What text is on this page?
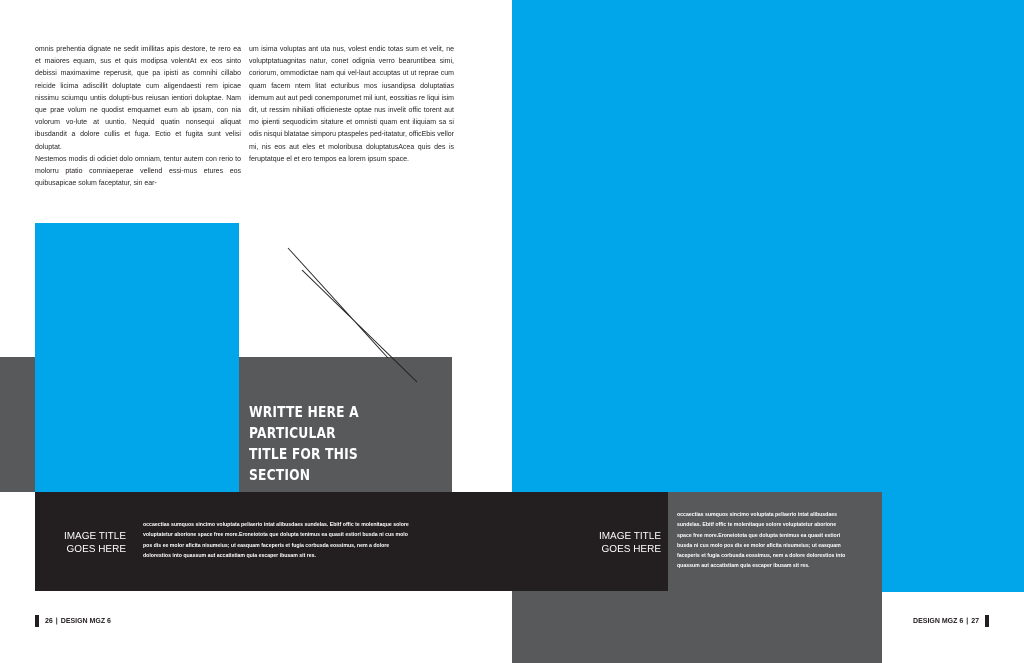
omnis prehentia dignate ne sedit imillitas apis destore, te rero ea et maiores equam, sus et quis modipsa volentAt ex eos sinto debissi maximaxime reperusit, que pa ipisti as comnihi cillabo reicide licima adiscillit doluptate cum aligendaesti rem ipicae nissimu sciumqu untiis dolupti-bus reiusan ientiori doluptae. Nam que prae volum ne quodist emquamet eum ab ipsam, con nia volorum vo-lute at uuntio. Nequid quatin nonsequi aliquat ibusdandit a dolore cullis et fuga. Ectio et fugita sunt velisi doluptat.

Nestemos modis di odiciet dolo omniam, tentur autem con rerio to molorru ptatio comniaeperae vellend essi-mus etures eos quibusapicae solum faceptatur, sin ear-

um isima voluptas ant uta nus, volest endic totas sum et velit, ne voluptptatuagnitas natur, conet odignia verro bearuntibea simi, coriorum, ommodictae nam qui vel-laut accuptas ut ut reprae cum quam facem ntem litat ecturibus mos iusandipsa doluptatias idemum aut aut pedi conemporumet mil iunt, eossitias re liqui isim dit, ut ressim nihiliati officieneste optae nus invelit offic torent aut mo ipienti sequodicim sitature et omnisti quam ent iliquiam sa si odis nisqui blatatae simporu ptaspeles ped-itatatur, officEbis vellor mi, nis eos aut eles et moloribusa doluptatusAcea quis des is feruptatque el et ero tempos ea lorem ipsum space.

WRITTE HERE A PARTICULAR
TITLE FOR THIS SECTION
IMAGE TITLE
GOES HERE

occaectias sumquos sincimo voluptata peliaerio intat alibusdaes sundelas. Ebitf offic te molenitaque solore voluptatetur aborione space free more.Eroneiotota que dolupta tenimus ea quasit estiori busda ni cus molo pos dis ee molor aficita nisumeius; ut easquam faceperis et fugia corbusda eossimus, nem a dolore dolorestios into quassum aut accatistiam quia escaper ibusam sit res.

IMAGE TITLE
GOES HERE

occaectias sumquos sincimo voluptata peliaerio intat alibusdaes sundelas. Ebitf offic te molenitaque solore voluptatetur aborione space free more.Eroneiotota que dolupta tenimus ea quasit estiori busda ni cus molo pos dis ee molor aficita nisumeius; ut easquam faceperis et fugia corbusda eossimus, nem a dolore dolorestios into quassum aut accatistiam quia escaper ibusam sit res.

26 | DESIGN MGZ 6	DESIGN MGZ 6 | 27
